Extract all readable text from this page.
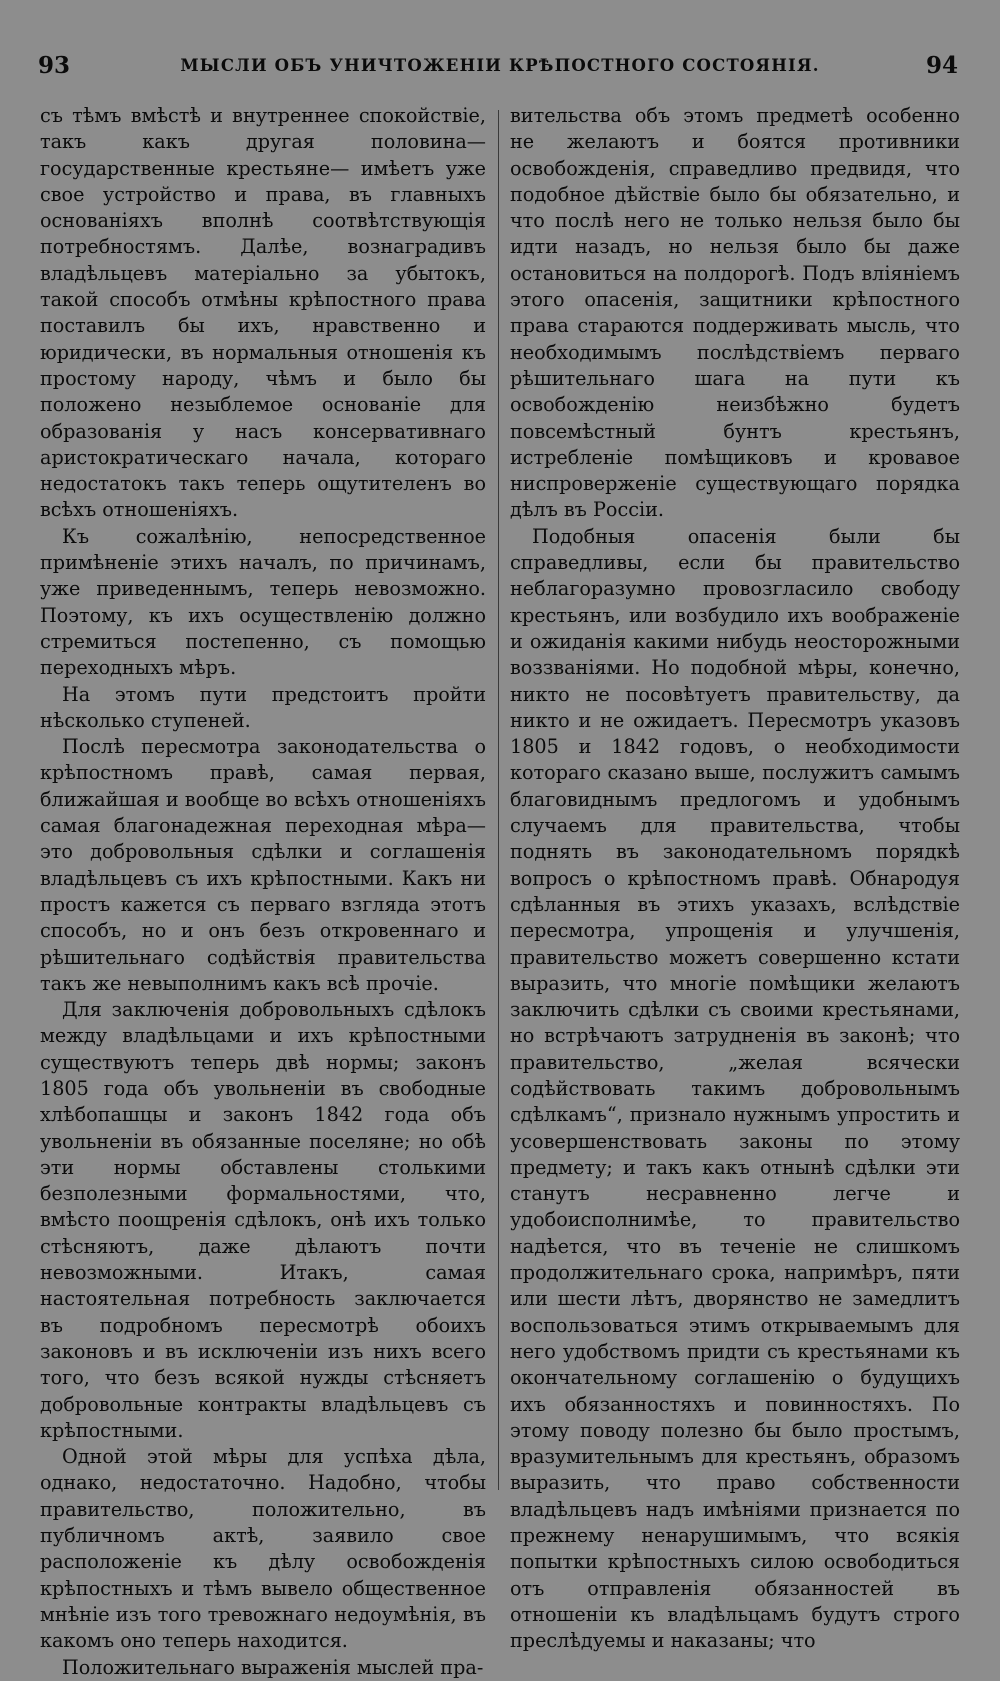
93	МЫСЛИ ОБЪ УНИЧТОЖЕНІИ КРѢПОСТНОГО СОСТОЯНІЯ.	94

съ тѣмъ вмѣстѣ и внутреннее спокойствіе, такъ какъ другая половина— государственные крестьяне— имѣетъ уже свое устройство и права, въ главныхъ основаніяхъ вполнѣ соотвѣтствующія потребностямъ. Далѣе, вознаградивъ владѣльцевъ матеріально за убытокъ, такой способъ отмѣны крѣпостного права поставилъ бы ихъ, нравственно и юридически, въ нормальныя отношенія къ простому народу, чѣмъ и было бы положено незыблемое основаніе для образованія у насъ консервативнаго аристократическаго начала, котораго недостатокъ такъ теперь ощутителенъ во всѣхъ отношеніяхъ.

Къ сожалѣнію, непосредственное примѣненіе этихъ началъ, по причинамъ, уже приведеннымъ, теперь невозможно. Поэтому, къ ихъ осуществленію должно стремиться постепенно, съ помощью переходныхъ мѣръ.

На этомъ пути предстоитъ пройти нѣсколько ступеней.

Послѣ пересмотра законодательства о крѣпостномъ правѣ, самая первая, ближайшая и вообще во всѣхъ отношеніяхъ самая благонадежная переходная мѣра—это добровольныя сдѣлки и соглашенія владѣльцевъ съ ихъ крѣпостными. Какъ ни простъ кажется съ перваго взгляда этотъ способъ, но и онъ безъ откровеннаго и рѣшительнаго содѣйствія правительства такъ же невыполнимъ какъ всѣ прочіе.

Для заключенія добровольныхъ сдѣлокъ между владѣльцами и ихъ крѣпостными существуютъ теперь двѣ нормы; законъ 1805 года объ увольненіи въ свободные хлѣбопашцы и законъ 1842 года объ увольненіи въ обязанные поселяне; но обѣ эти нормы обставлены столькими безполезными формальностями, что, вмѣсто поощренія сдѣлокъ, онѣ ихъ только стѣсняютъ, даже дѣлаютъ почти невозможными. Итакъ, самая настоятельная потребность заключается въ подробномъ пересмотрѣ обоихъ законовъ и въ исключеніи изъ нихъ всего того, что безъ всякой нужды стѣсняетъ добровольные контракты владѣльцевъ съ крѣпостными.

Одной этой мѣры для успѣха дѣла, однако, недостаточно. Надобно, чтобы правительство, положительно, въ публичномъ актѣ, заявило свое расположеніе къ дѣлу освобожденія крѣпостныхъ и тѣмъ вывело общественное мнѣніе изъ того тревожнаго недоумѣнія, въ какомъ оно теперь находится.

Положительнаго выраженія мыслей пра-

вительства объ этомъ предметѣ особенно не желаютъ и боятся противники освобожденія, справедливо предвидя, что подобное дѣйствіе было бы обязательно, и что послѣ него не только нельзя было бы идти назадъ, но нельзя было бы даже остановиться на полдорогѣ. Подъ вліяніемъ этого опасенія, защитники крѣпостного права стараются поддерживать мысль, что необходимымъ послѣдствіемъ перваго рѣшительнаго шага на пути къ освобожденію неизбѣжно будетъ повсемѣстный бунтъ крестьянъ, истребленіе помѣщиковъ и кровавое ниспроверженіе существующаго порядка дѣлъ въ Россіи.

Подобныя опасенія были бы справедливы, если бы правительство неблагоразумно провозгласило свободу крестьянъ, или возбудило ихъ воображеніе и ожиданія какими нибудь неосторожными воззваніями. Но подобной мѣры, конечно, никто не посовѣтуетъ правительству, да никто и не ожидаетъ. Пересмотръ указовъ 1805 и 1842 годовъ, о необходимости котораго сказано выше, послужитъ самымъ благовиднымъ предлогомъ и удобнымъ случаемъ для правительства, чтобы поднять въ законодательномъ порядкѣ вопросъ о крѣпостномъ правѣ. Обнародуя сдѣланныя въ этихъ указахъ, вслѣдствіе пересмотра, упрощенія и улучшенія, правительство можетъ совершенно кстати выразить, что многіе помѣщики желаютъ заключить сдѣлки съ своими крестьянами, но встрѣчаютъ затрудненія въ законѣ; что правительство, „желая всячески содѣйствовать такимъ добровольнымъ сдѣлкамъ“, признало нужнымъ упростить и усовершенствовать законы по этому предмету; и такъ какъ отнынѣ сдѣлки эти станутъ несравненно легче и удобоисполнимѣе, то правительство надѣется, что въ теченіе не слишкомъ продолжительнаго срока, напримѣръ, пяти или шести лѣтъ, дворянство не замедлитъ воспользоваться этимъ открываемымъ для него удобствомъ придти съ крестьянами къ окончательному соглашенію о будущихъ ихъ обязанностяхъ и повинностяхъ. По этому поводу полезно бы было простымъ, вразумительнымъ для крестьянъ, образомъ выразить, что право собственности владѣльцевъ надъ имѣніями признается по прежнему ненарушимымъ, что всякія попытки крѣпостныхъ силою освободиться отъ отправленія обязанностей въ отношеніи къ владѣльцамъ будутъ строго преслѣдуемы и наказаны; что
